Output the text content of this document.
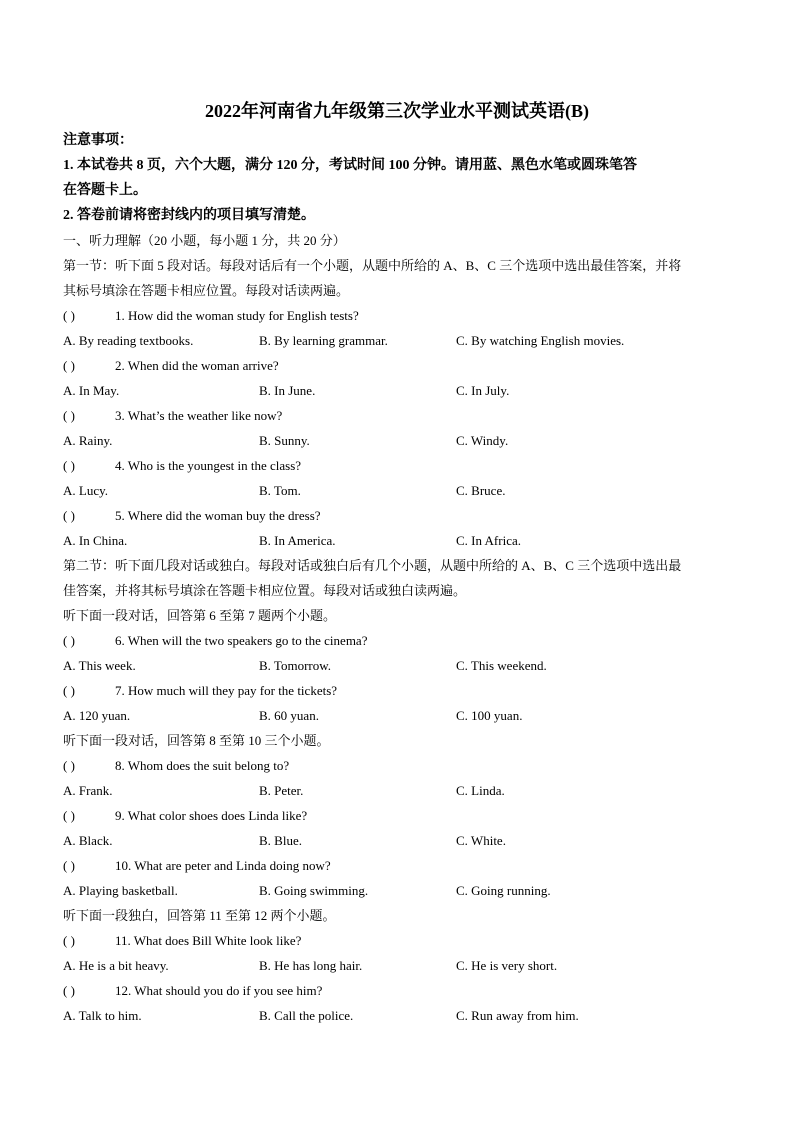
2022年河南省九年级第三次学业水平测试英语(B)
注意事项：
1. 本试卷共 8 页，六个大题，满分 120 分，考试时间 100 分钟。请用蓝、黑色水笔或圆珠笔答
在答题卡上。
2. 答卷前请将密封线内的项目填写清楚。
一、听力理解（20 小题，每小题 1 分，共 20 分）
第一节：听下面 5 段对话。每段对话后有一个小题，从题中所给的 A、B、C 三个选项中选出最佳答案，并将
其标号填涂在答题卡相应位置。每段对话读两遍。
( )	1. How did the woman study for English tests?
A. By reading textbooks.	B. By learning grammar.	C. By watching English movies.
( )	2. When did the woman arrive?
A. In May.	B. In June.	C. In July.
( )	3. What’s the weather like now?
A. Rainy.	B. Sunny.	C. Windy.
( )	4. Who is the youngest in the class?
A. Lucy.	B. Tom.	C. Bruce.
( )	5. Where did the woman buy the dress?
A. In China.	B. In America.	C. In Africa.
第二节：听下面几段对话或独白。每段对话或独白后有几个小题，从题中所给的 A、B、C 三个选项中选出最
佳答案，并将其标号填涂在答题卡相应位置。每段对话或独白读两遍。
听下面一段对话，回答第 6 至第 7 题两个小题。
( )	6. When will the two speakers go to the cinema?
A. This week.	B. Tomorrow.	C. This weekend.
( )	7. How much will they pay for the tickets?
A. 120 yuan.	B. 60 yuan.	C. 100 yuan.
听下面一段对话，回答第 8 至第 10 三个小题。
( )	8. Whom does the suit belong to?
A. Frank.	B. Peter.	C. Linda.
( )	9. What color shoes does Linda like?
A. Black.	B. Blue.	C. White.
( )	10. What are peter and Linda doing now?
A. Playing basketball.	B. Going swimming.	C. Going running.
听下面一段独白，回答第 11 至第 12 两个小题。
( )	11. What does Bill White look like?
A. He is a bit heavy.	B. He has long hair.	C. He is very short.
( )	12. What should you do if you see him?
A. Talk to him.	B. Call the police.	C. Run away from him.
